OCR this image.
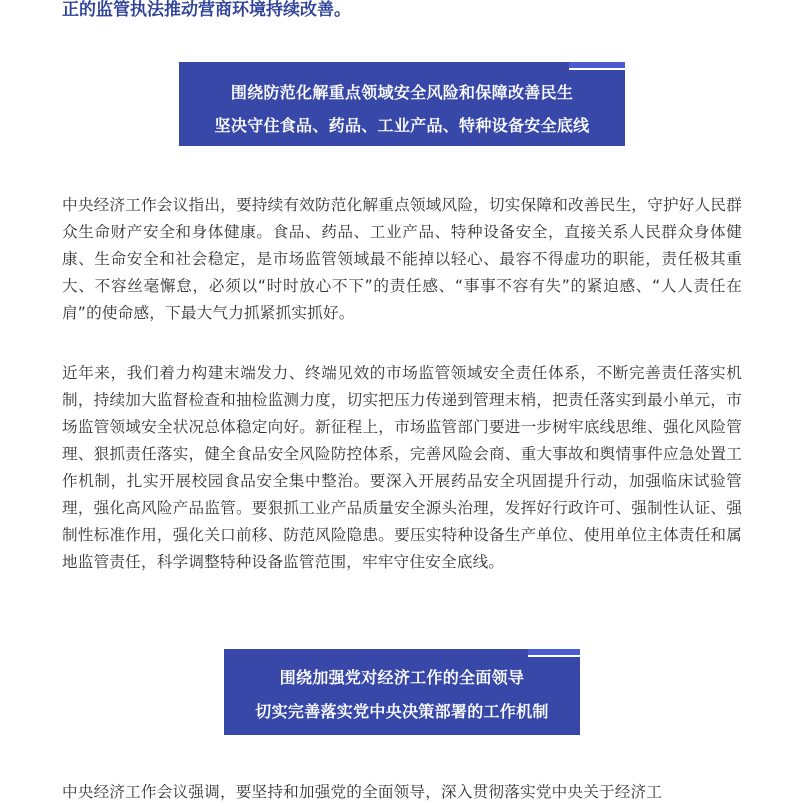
正的监管执法推动营商环境持续改善。

围绕防范化解重点领域安全风险和保障改善民生
坚决守住食品、药品、工业产品、特种设备安全底线

中央经济工作会议指出，要持续有效防范化解重点领域风险，切实保障和改善民生，守护好人民群众生命财产安全和身体健康。食品、药品、工业产品、特种设备安全，直接关系人民群众身体健康、生命安全和社会稳定，是市场监管领域最不能掉以轻心、最容不得虚功的职能，责任极其重大、不容丝毫懈怠，必须以“时时放心不下”的责任感、“事事不容有失”的紧迫感、“人人责任在肩”的使命感，下最大气力抓紧抓实抓好。

近年来，我们着力构建末端发力、终端见效的市场监管领域安全责任体系，不断完善责任落实机制，持续加大监督检查和抽检监测力度，切实把压力传递到管理末梢，把责任落实到最小单元，市场监管领域安全状况总体稳定向好。新征程上，市场监管部门要进一步树牢底线思维、强化风险管理、狠抓责任落实，健全食品安全风险防控体系，完善风险会商、重大事故和舆情事件应急处置工作机制，扎实开展校园食品安全集中整治。要深入开展药品安全巩固提升行动，加强临床试验管理，强化高风险产品监管。要狠抓工业产品质量安全源头治理，发挥好行政许可、强制性认证、强制性标准作用，强化关口前移、防范风险隐患。要压实特种设备生产单位、使用单位主体责任和属地监管责任，科学调整特种设备监管范围，牢牢守住安全底线。

围绕加强党对经济工作的全面领导
切实完善落实党中央决策部署的工作机制

中央经济工作会议强调，要坚持和加强党的全面领导，深入贯彻落实党中央关于经济工
